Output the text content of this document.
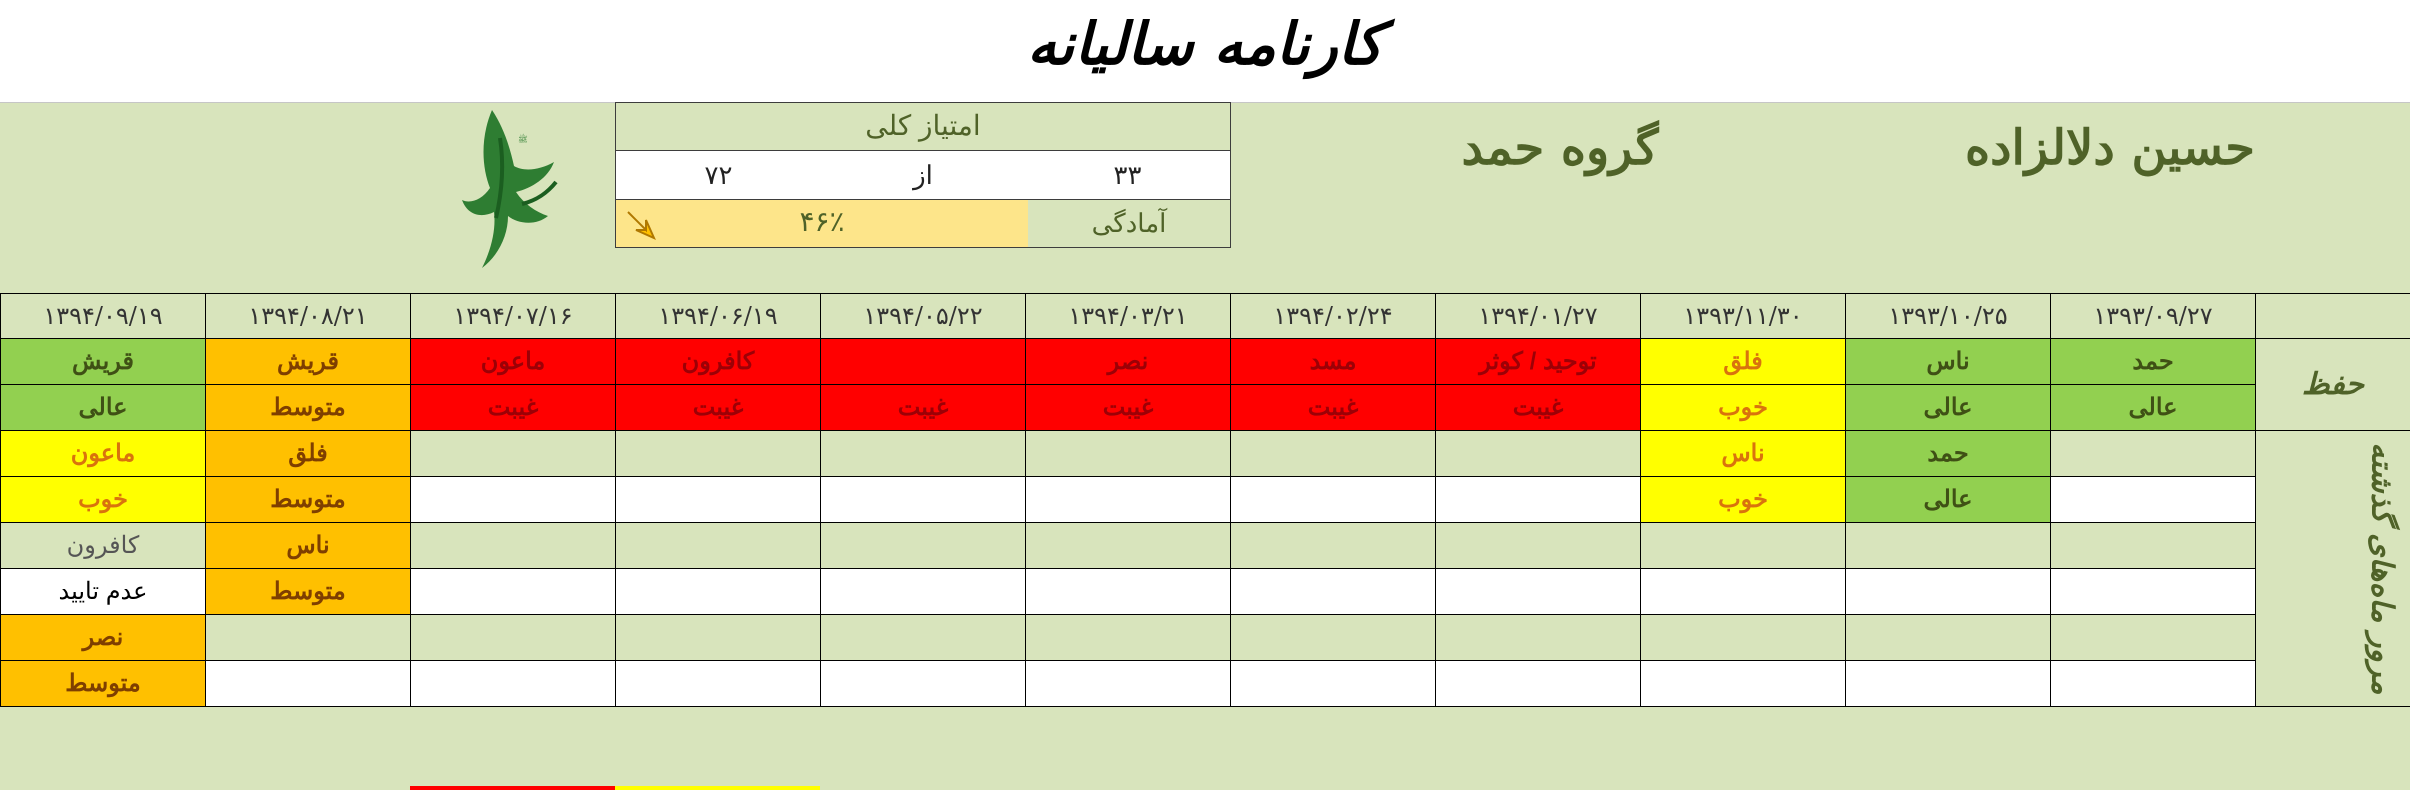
کارنامه سالیانه
حسین دلالزاده
گروه حمد
ﷺ	امتیاز کلی
۷۲	از	۳۳
۴۶٪	آمادگی
۱۳۹۴/۰۹/۱۹	۱۳۹۴/۰۸/۲۱	۱۳۹۴/۰۷/۱۶	۱۳۹۴/۰۶/۱۹	۱۳۹۴/۰۵/۲۲	۱۳۹۴/۰۳/۲۱	۱۳۹۴/۰۲/۲۴	۱۳۹۴/۰۱/۲۷	۱۳۹۳/۱۱/۳۰	۱۳۹۳/۱۰/۲۵	۱۳۹۳/۰۹/۲۷	
قریش	قریش	ماعون	کافرون		نصر	مسد	توحید / کوثر	فلق	ناس	حمد	حفظ

عالی	متوسط	غیبت	غیبت	غیبت	غیبت	غیبت	غیبت	خوب	عالی	عالی	
ماعون	فلق							ناس	حمد		مرور ماه‌های گذشته
خوب	متوسط							خوب	عالی		
کافرون	ناس										
عدم تایید	متوسط										
نصر											
متوسط											
